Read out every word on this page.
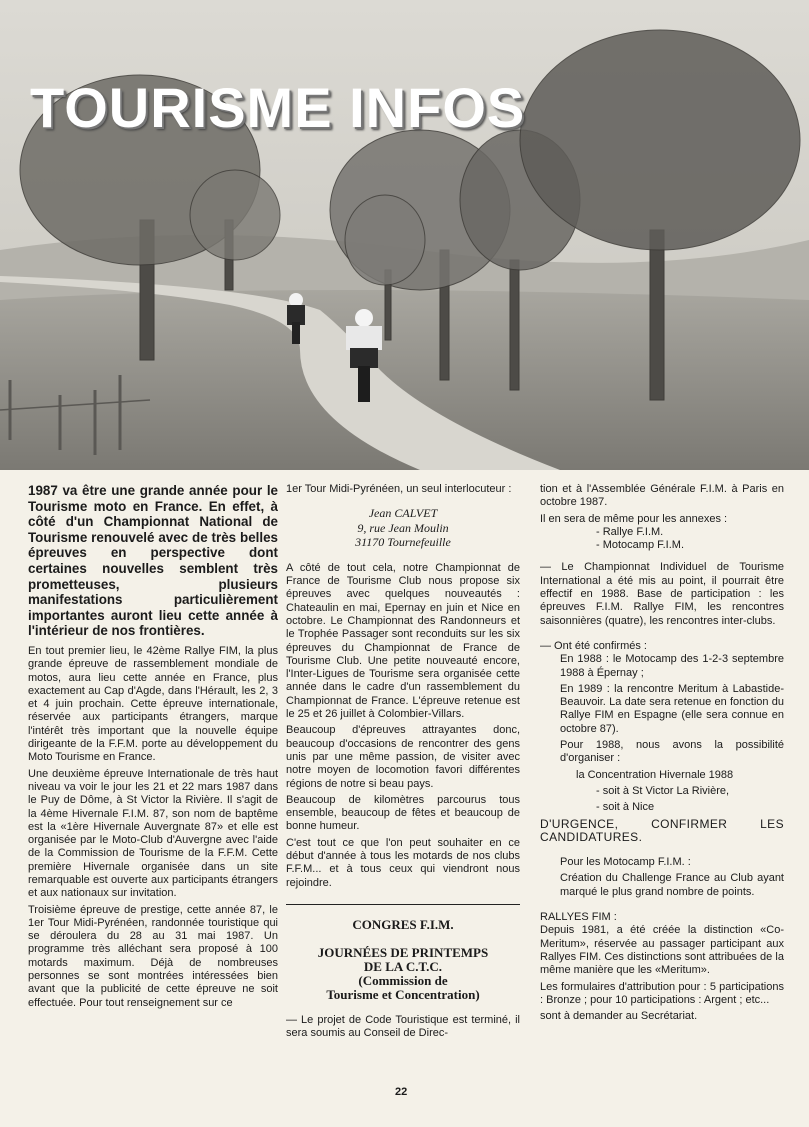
TOURISME INFOS

1987 va être une grande année pour le Tourisme moto en France. En effet, à côté d'un Championnat National de Tourisme renouvelé avec de très belles épreuves en perspective dont certaines nouvelles semblent très prometteuses, plusieurs manifestations particulièrement importantes auront lieu cette année à l'intérieur de nos frontières.

En tout premier lieu, le 42ème Rallye FIM, la plus grande épreuve de rassemblement mondiale de motos, aura lieu cette année en France, plus exactement au Cap d'Agde, dans l'Hérault, les 2, 3 et 4 juin prochain. Cette épreuve internationale, réservée aux participants étrangers, marque l'intérêt très important que la nouvelle équipe dirigeante de la F.F.M. porte au développement du Moto Tourisme en France.

Une deuxième épreuve Internationale de très haut niveau va voir le jour les 21 et 22 mars 1987 dans le Puy de Dôme, à St Victor la Rivière. Il s'agit de la 4ème Hivernale F.I.M. 87, son nom de baptême est la «1ère Hivernale Auvergnate 87» et elle est organisée par le Moto-Club d'Auvergne avec l'aide de la Commission de Tourisme de la F.F.M. Cette première Hivernale organisée dans un site remarquable est ouverte aux participants étrangers et aux nationaux sur invitation.

Troisième épreuve de prestige, cette année 87, le 1er Tour Midi-Pyrénéen, randonnée touristique qui se déroulera du 28 au 31 mai 1987. Un programme très alléchant sera proposé à 100 motards maximum. Déjà de nombreuses personnes se sont montrées intéressées bien avant que la publicité de cette épreuve ne soit effectuée. Pour tout renseignement sur ce

1er Tour Midi-Pyrénéen, un seul interlocuteur :

Jean CALVET
9, rue Jean Moulin
31170 Tournefeuille

A côté de tout cela, notre Championnat de France de Tourisme Club nous propose six épreuves avec quelques nouveautés : Chateaulin en mai, Epernay en juin et Nice en octobre. Le Championnat des Randonneurs et le Trophée Passager sont reconduits sur les six épreuves du Championnat de France de Tourisme Club. Une petite nouveauté encore, l'Inter-Ligues de Tourisme sera organisée cette année dans le cadre d'un rassemblement du Championnat de France. L'épreuve retenue est le 25 et 26 juillet à Colombier-Villars.

Beaucoup d'épreuves attrayantes donc, beaucoup d'occasions de rencontrer des gens unis par une même passion, de visiter avec notre moyen de locomotion favori différentes régions de notre si beau pays.

Beaucoup de kilomètres parcourus tous ensemble, beaucoup de fêtes et beaucoup de bonne humeur.

C'est tout ce que l'on peut souhaiter en ce début d'année à tous les motards de nos clubs F.F.M... et à tous ceux qui viendront nous rejoindre.

CONGRES F.I.M.
JOURNÉES DE PRINTEMPS
DE LA C.T.C.
(Commission de
Tourisme et Concentration)

— Le projet de Code Touristique est terminé, il sera soumis au Conseil de Direc-

tion et à l'Assemblée Générale F.I.M. à Paris en octobre 1987.

Il en sera de même pour les annexes :

- Rallye F.I.M.

- Motocamp F.I.M.

— Le Championnat Individuel de Tourisme International a été mis au point, il pourrait être effectif en 1988. Base de participation : les épreuves F.I.M. Rallye FIM, les rencontres saisonnières (quatre), les rencontres inter-clubs.

— Ont été confirmés :

En 1988 : le Motocamp des 1-2-3 septembre 1988 à Épernay ;

En 1989 : la rencontre Meritum à Labastide-Beauvoir. La date sera retenue en fonction du Rallye FIM en Espagne (elle sera connue en octobre 87).

Pour 1988, nous avons la possibilité d'organiser :

la Concentration Hivernale 1988

- soit à St Victor La Rivière,

- soit à Nice

D'URGENCE, CONFIRMER LES CANDIDATURES.

Pour les Motocamp F.I.M. :

Création du Challenge France au Club ayant marqué le plus grand nombre de points.

RALLYES FIM :

Depuis 1981, a été créée la distinction «Co-Meritum», réservée au passager participant aux Rallyes FIM. Ces distinctions sont attribuées de la même manière que les «Meritum».

Les formulaires d'attribution pour : 5 participations : Bronze ; pour 10 participations : Argent ; etc...

sont à demander au Secrétariat.

22
